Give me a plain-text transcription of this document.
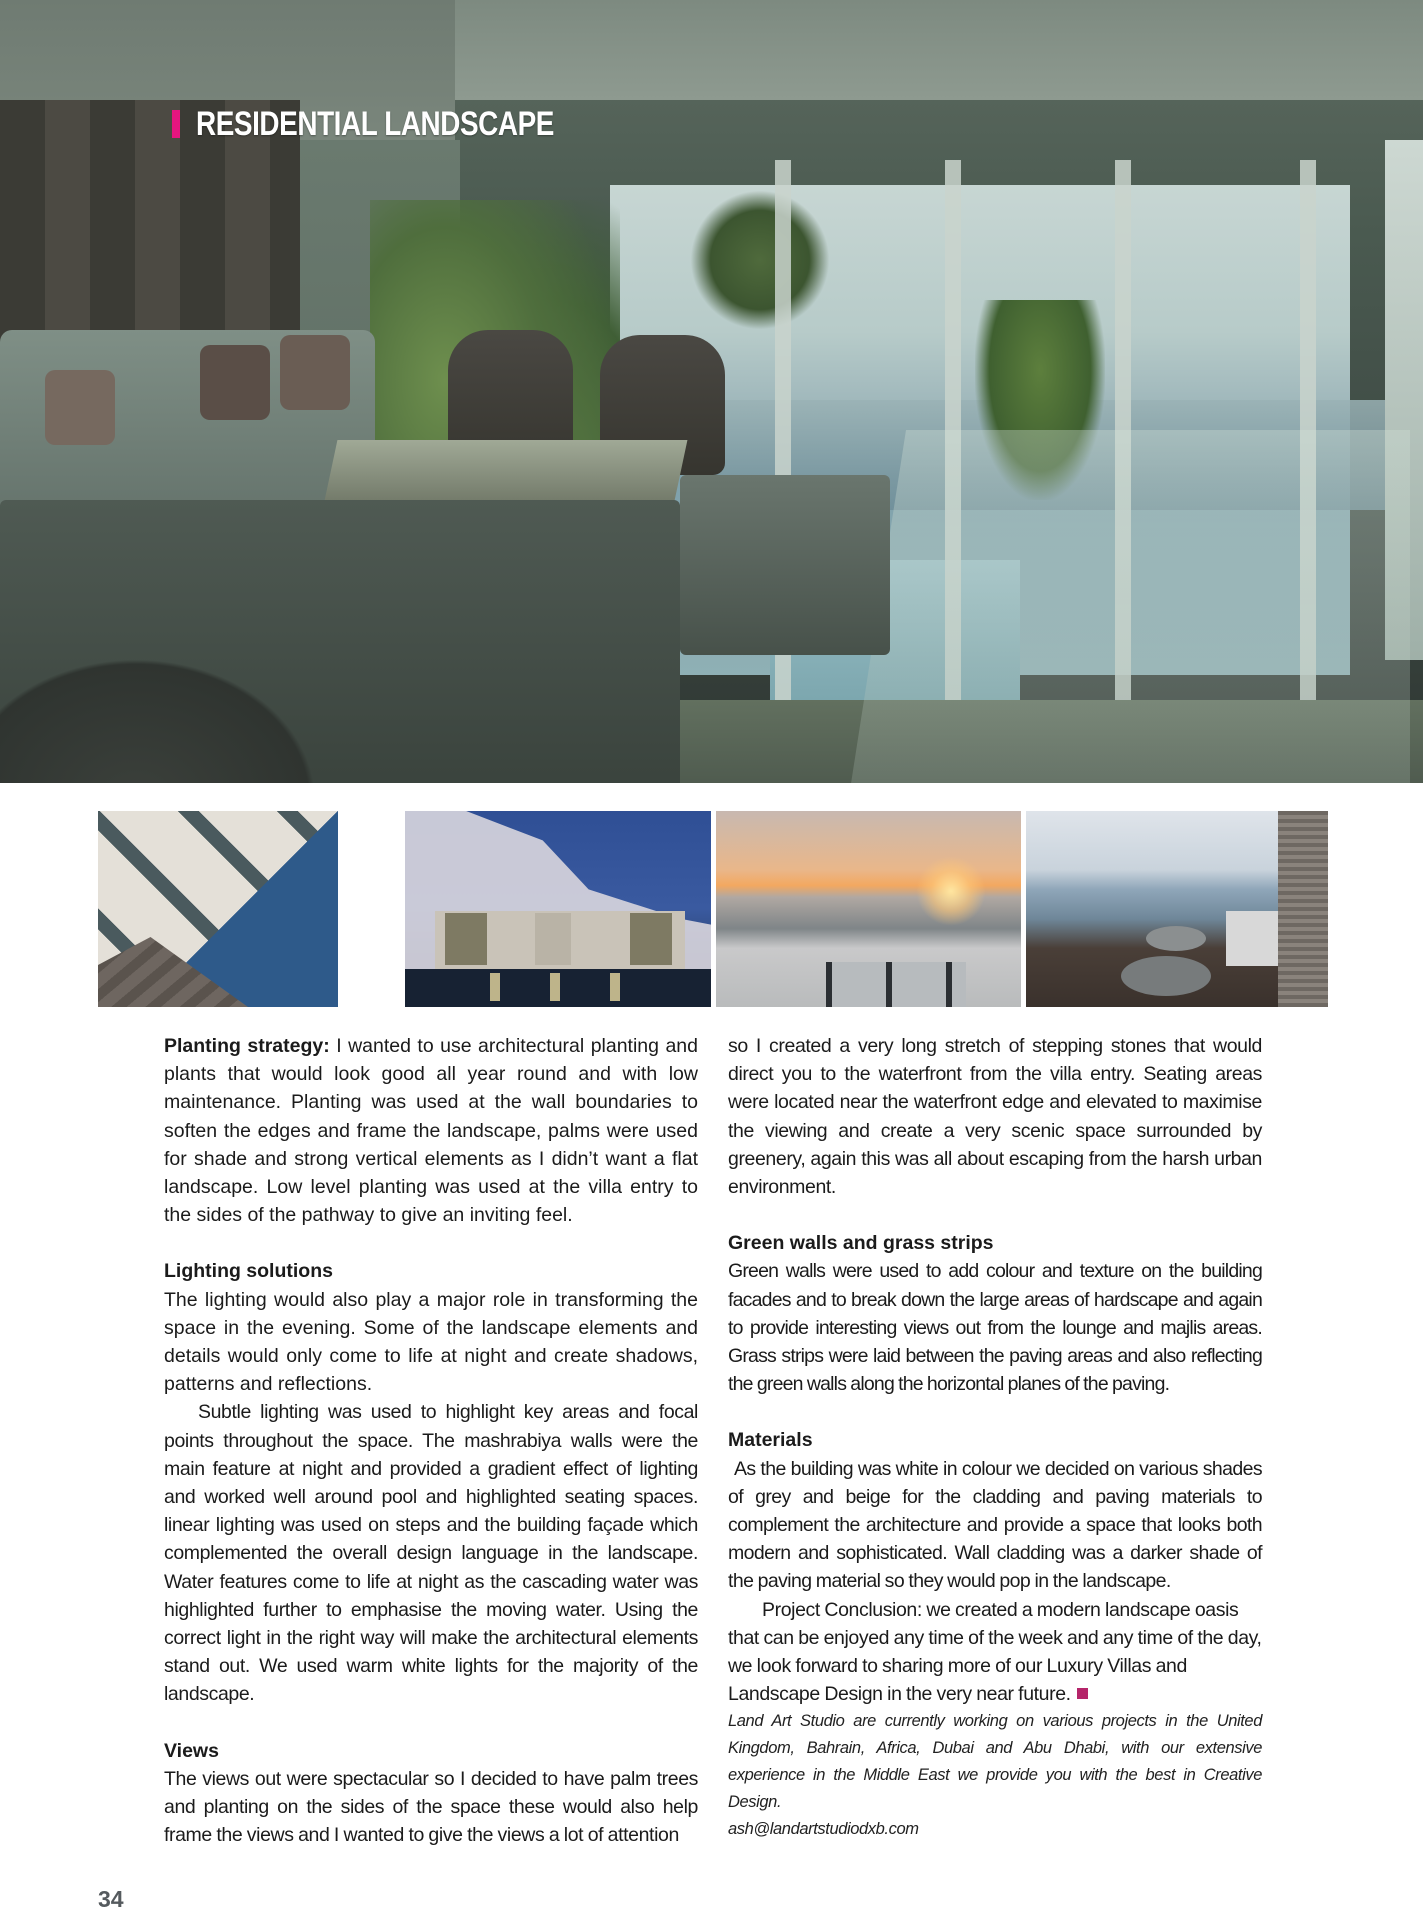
RESIDENTIAL LANDSCAPE

Planting strategy: I wanted to use architectural planting and plants that would look good all year round and with low maintenance. Planting was used at the wall boundaries to soften the edges and frame the landscape, palms were used for shade and strong vertical elements as I didn’t want a flat landscape. Low level planting was used at the villa entry to the sides of the pathway to give an inviting feel.

Lighting solutions

The lighting would also play a major role in transforming the space in the evening. Some of the landscape elements and details would only come to life at night and create shadows, patterns and reflections.

Subtle lighting was used to highlight key areas and focal points throughout the space. The mashrabiya walls were the main feature at night and provided a gradient effect of lighting and worked well around pool and highlighted seating spaces. linear lighting was used on steps and the building façade which complemented the overall design language in the landscape. Water features come to life at night as the cascading water was highlighted further to emphasise the moving water. Using the correct light in the right way will make the architectural elements stand out. We used warm white lights for the majority of the landscape.

Views

The views out were spectacular so I decided to have palm trees and planting on the sides of the space these would also help frame the views and I wanted to give the views a lot of attention

so I created a very long stretch of stepping stones that would direct you to the waterfront from the villa entry. Seating areas were located near the waterfront edge and elevated to maximise the viewing and create a very scenic space surrounded by greenery, again this was all about escaping from the harsh urban environment.

Green walls and grass strips

Green walls were used to add colour and texture on the building facades and to break down the large areas of hardscape and again to provide interesting views out from the lounge and majlis areas. Grass strips were laid between the paving areas and also reflecting the green walls along the horizontal planes of the paving.

Materials

As the building was white in colour we decided on various shades of grey and beige for the cladding and paving materials to complement the architecture and provide a space that looks both modern and sophisticated. Wall cladding was a darker shade of the paving material so they would pop in the landscape.

Project Conclusion: we created a modern landscape oasis that can be enjoyed any time of the week and any time of the day, we look forward to sharing more of our Luxury Villas and Landscape Design in the very near future.

Land Art Studio are currently working on various projects in the United Kingdom, Bahrain, Africa, Dubai and Abu Dhabi, with our extensive experience in the Middle East we provide you with the best in Creative Design.
ash@landartstudiodxb.com

34
